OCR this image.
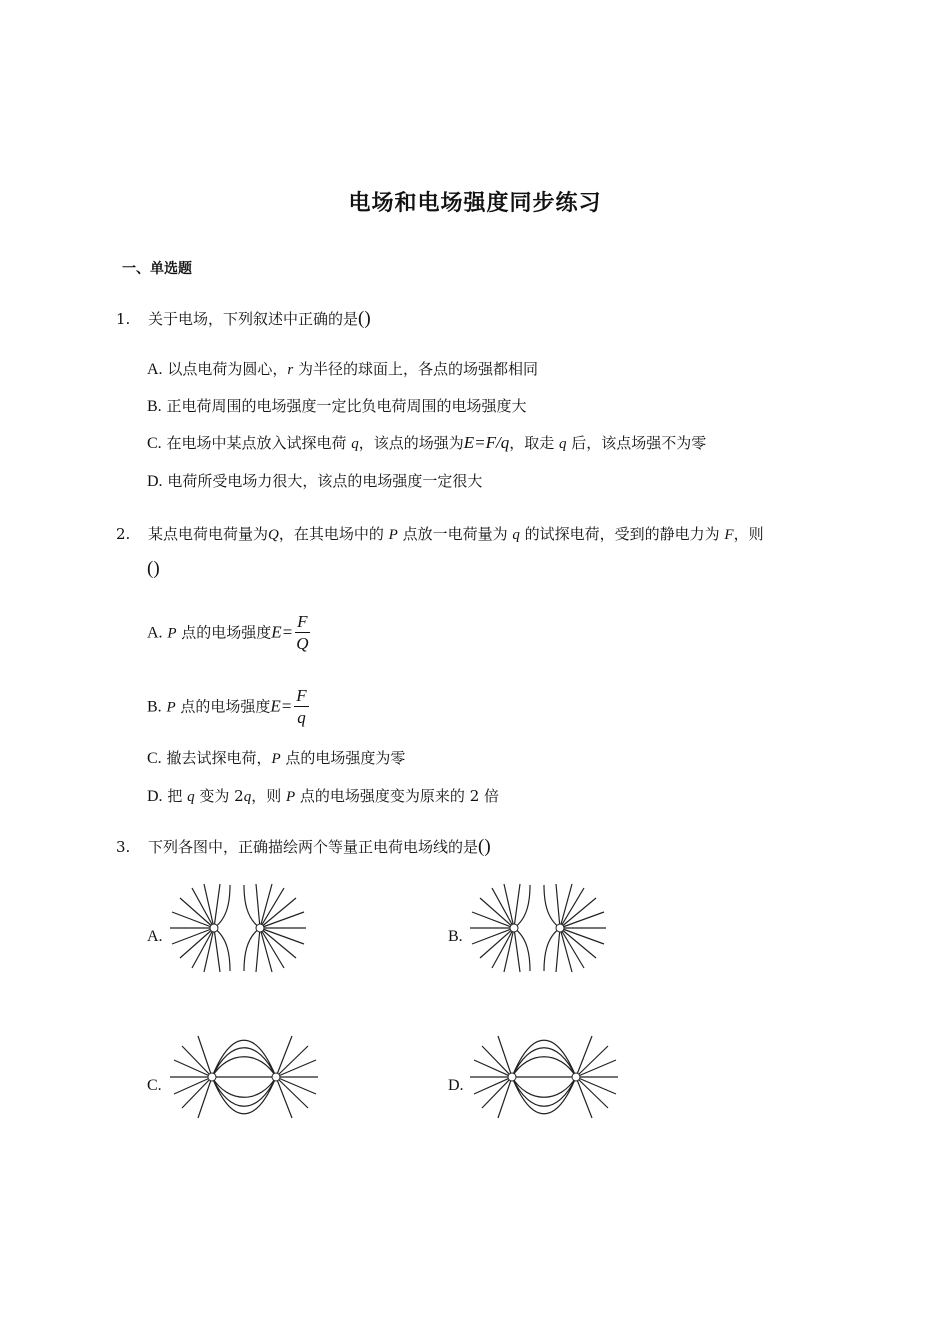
电场和电场强度同步练习
一、单选题
1. 关于电场，下列叙述中正确的是()
A. 以点电荷为圆心，r 为半径的球面上，各点的场强都相同
B. 正电荷周围的电场强度一定比负电荷周围的电场强度大
C. 在电场中某点放入试探电荷 q，该点的场强为E=F/q，取走 q 后，该点场强不为零
D. 电荷所受电场力很大，该点的电场强度一定很大
2. 某点电荷电荷量为Q，在其电场中的 P 点放一电荷量为 q 的试探电荷，受到的静电力为 F，则
()
A. P 点的电场强度$E= \frac{F}{Q}$
B. P 点的电场强度$E= \frac{F}{q}$
C. 撤去试探电荷，P 点的电场强度为零
D. 把 q 变为 2q，则 P 点的电场强度变为原来的 2 倍
3. 下列各图中，正确描绘两个等量正电荷电场线的是()
A.	B.
C.	D.
